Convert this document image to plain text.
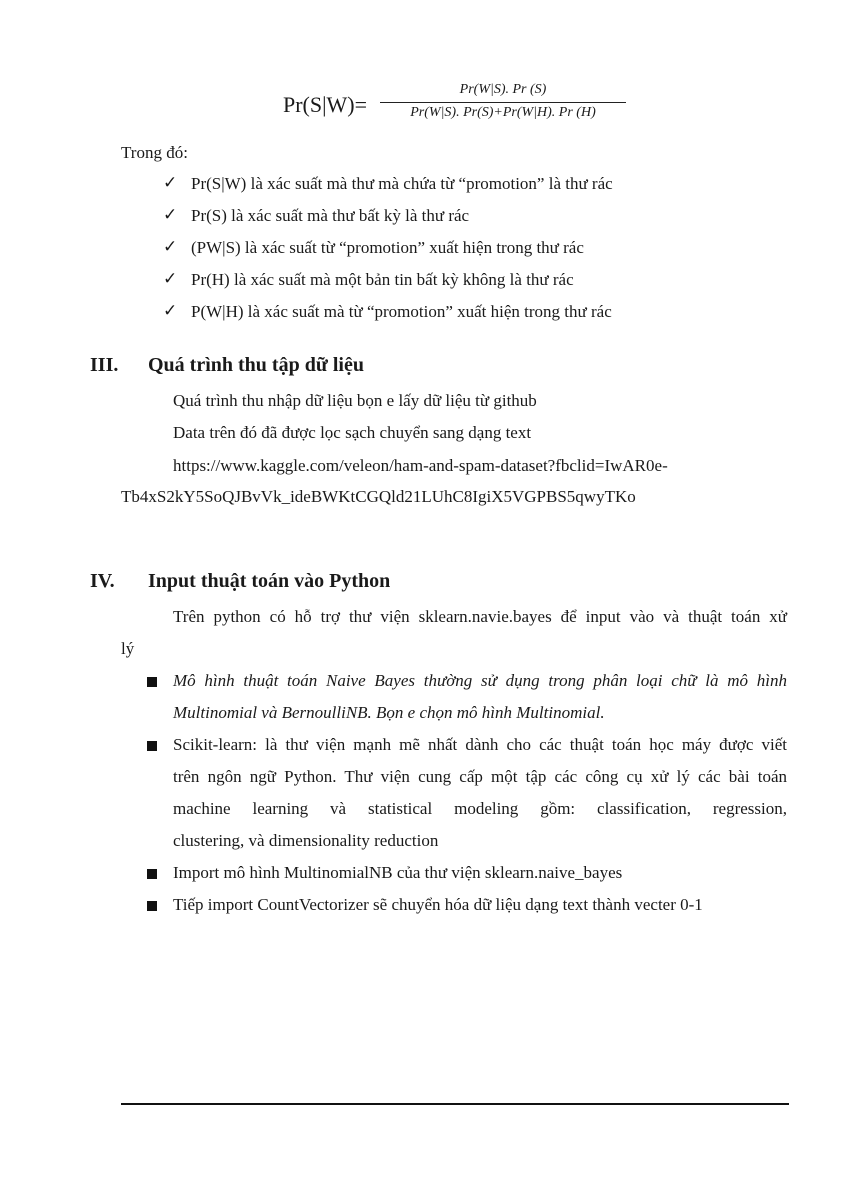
Pr(S|W)=
Pr(W|S). Pr (S)
Pr(W|S). Pr(S)+Pr(W|H). Pr (H)
Trong đó:
✓ Pr(S|W) là xác suất mà thư mà chứa từ “promotion” là thư rác
✓ Pr(S) là xác suất mà thư bất kỳ là thư rác
✓ (PW|S) là xác suất từ “promotion” xuất hiện trong thư rác
✓ Pr(H) là xác suất mà một bản tin bất kỳ không là thư rác
✓ P(W|H) là xác suất mà từ “promotion” xuất hiện trong thư rác
III. Quá trình thu tập dữ liệu
Quá trình thu nhập dữ liệu bọn e lấy dữ liệu từ github
Data trên đó đã được lọc sạch chuyển sang dạng text
https://www.kaggle.com/veleon/ham-and-spam-dataset?fbclid=IwAR0e-
Tb4xS2kY5SoQJBvVk_ideBWKtCGQld21LUhC8IgiX5VGPBS5qwyTKo
IV. Input thuật toán vào Python
Trên python có hỗ trợ thư viện sklearn.navie.bayes để input vào và thuật toán xử
lý
Mô hình thuật toán Naive Bayes thường sử dụng trong phân loại chữ là mô hình
Multinomial và BernoulliNB. Bọn e chọn mô hình Multinomial.
Scikit-learn: là thư viện mạnh mẽ nhất dành cho các thuật toán học máy được viết
trên ngôn ngữ Python. Thư viện cung cấp một tập các công cụ xử lý các bài toán
machine learning và statistical modeling gồm: classification, regression,
clustering, và dimensionality reduction
Import mô hình MultinomialNB của thư viện sklearn.naive_bayes
Tiếp import CountVectorizer sẽ chuyển hóa dữ liệu dạng text thành vecter 0-1
